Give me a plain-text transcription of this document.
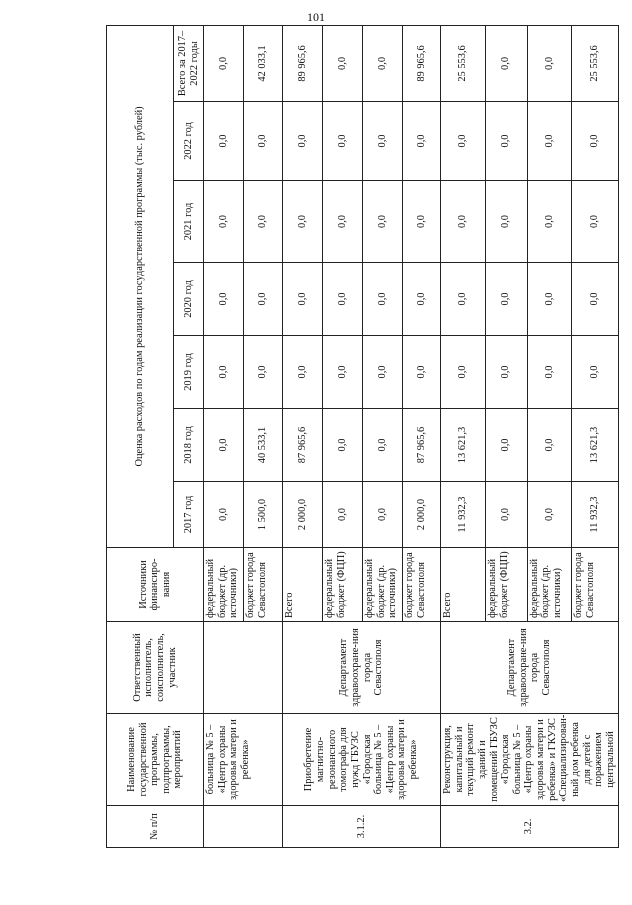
101
№ п/п	Наименование государственной программы, подпрограммы, мероприятий	Ответственный исполнитель, соисполнитель, участник	Источники финансиро-вания	Оценка расходов по годам реализации государственной программы (тыс. рублей)						
				2017 год	2018 год	2019 год	2020 год	2021 год	2022 год	Всего за 2017–2022 годы
	больница № 5 – «Центр охраны здоровья матери и ребенка»		федеральный бюджет (др. источники)	0,0	0,0	0,0	0,0	0,0	0,0	0,0
			бюджет города Севастополя	1 500,0	40 533,1	0,0	0,0	0,0	0,0	42 033,1
3.1.2.	Приобретение магнитно-резонансного томографа для нужд ГБУЗС «Городская больница № 5 – «Центр охраны здоровья матери и ребенка»	Департамент здравоохране-ния города Севастополя	Всего	2 000,0	87 965,6	0,0	0,0	0,0	0,0	89 965,6
			федеральный бюджет (ФЦП)	0,0	0,0	0,0	0,0	0,0	0,0	0,0
			федеральный бюджет (др. источники)	0,0	0,0	0,0	0,0	0,0	0,0	0,0
			бюджет города Севастополя	2 000,0	87 965,6	0,0	0,0	0,0	0,0	89 965,6
3.2.	Реконструкция, капитальный и текущий ремонт зданий и помещений ГБУЗС «Городская больница № 5 – «Центр охраны здоровья матери и ребенка» и ГКУЗС «Специализирован-ный дом ребенка для детей с поражением центральной	Департамент здравоохране-ния города Севастополя	Всего	11 932,3	13 621,3	0,0	0,0	0,0	0,0	25 553,6
			федеральный бюджет (ФЦП)	0,0	0,0	0,0	0,0	0,0	0,0	0,0
			федеральный бюджет (др. источники)	0,0	0,0	0,0	0,0	0,0	0,0	0,0
			бюджет города Севастополя	11 932,3	13 621,3	0,0	0,0	0,0	0,0	25 553,6
